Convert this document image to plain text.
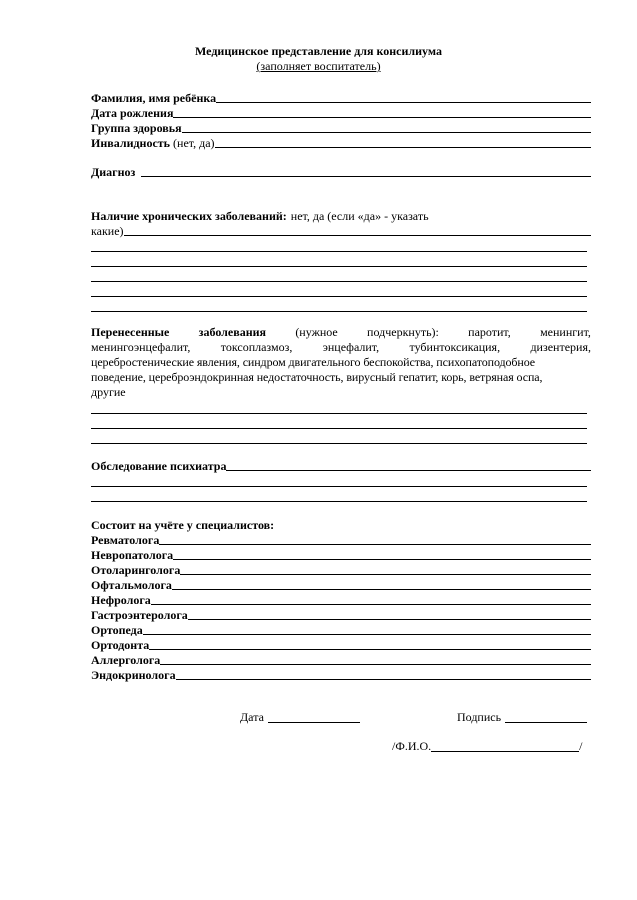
Медицинское представление для консилиума
(заполняет воспитатель)
Фамилия, имя ребёнка
Дата рожления
Группа здоровья
Инвалидность (нет, да)
Диагноз
Наличие хронических заболеваний: нет, да (если «да» - указать
какие)
Перенесенные заболевания (нужное подчеркнуть): паротит, менингит,
менингоэнцефалит,	токсоплазмоз,	энцефалит,	тубинтоксикация,	дизентерия,
церебростенические явления, синдром двигательного беспокойства, психопатоподобное
поведение, цереброэндокринная недостаточность, вирусный гепатит, корь, ветряная оспа,
другие
Обследование психиатра
Состоит на учёте у специалистов:
Ревматолога
Невропатолога
Отоларинголога
Офтальмолога
Нефролога
Гастроэнтеролога
Ортопеда
Ортодонта
Аллерголога
Эндокринолога
Дата	Подпись
/Ф.И.О.	/
